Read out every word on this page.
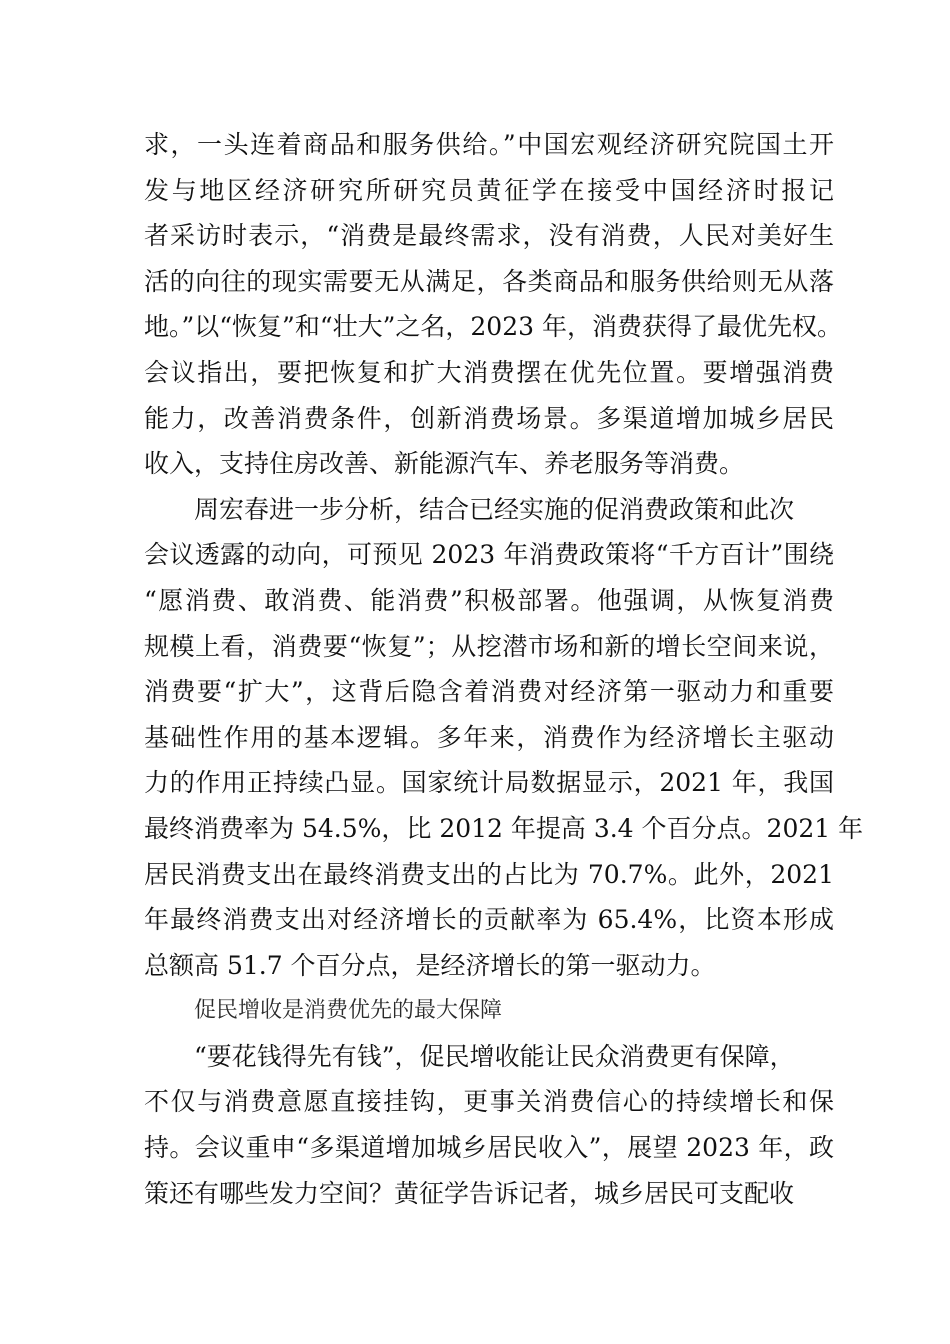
求，一头连着商品和服务供给。”中国宏观经济研究院国土开
发与地区经济研究所研究员黄征学在接受中国经济时报记
者采访时表示，“消费是最终需求，没有消费，人民对美好生
活的向往的现实需要无从满足，各类商品和服务供给则无从落
地。”以“恢复”和“壮大”之名，2023 年，消费获得了最优先权。
会议指出，要把恢复和扩大消费摆在优先位置。要增强消费
能力，改善消费条件，创新消费场景。多渠道增加城乡居民
收入，支持住房改善、新能源汽车、养老服务等消费。
周宏春进一步分析，结合已经实施的促消费政策和此次
会议透露的动向，可预见 2023 年消费政策将“千方百计”围绕
“愿消费、敢消费、能消费”积极部署。他强调，从恢复消费
规模上看，消费要“恢复”；从挖潜市场和新的增长空间来说，
消费要“扩大”，这背后隐含着消费对经济第一驱动力和重要
基础性作用的基本逻辑。多年来，消费作为经济增长主驱动
力的作用正持续凸显。国家统计局数据显示，2021 年，我国
最终消费率为 54.5%，比 2012 年提高 3.4 个百分点。2021 年
居民消费支出在最终消费支出的占比为 70.7%。此外，2021
年最终消费支出对经济增长的贡献率为 65.4%，比资本形成
总额高 51.7 个百分点，是经济增长的第一驱动力。
促民增收是消费优先的最大保障
“要花钱得先有钱”，促民增收能让民众消费更有保障，
不仅与消费意愿直接挂钩，更事关消费信心的持续增长和保
持。会议重申“多渠道增加城乡居民收入”，展望 2023 年，政
策还有哪些发力空间？黄征学告诉记者，城乡居民可支配收
